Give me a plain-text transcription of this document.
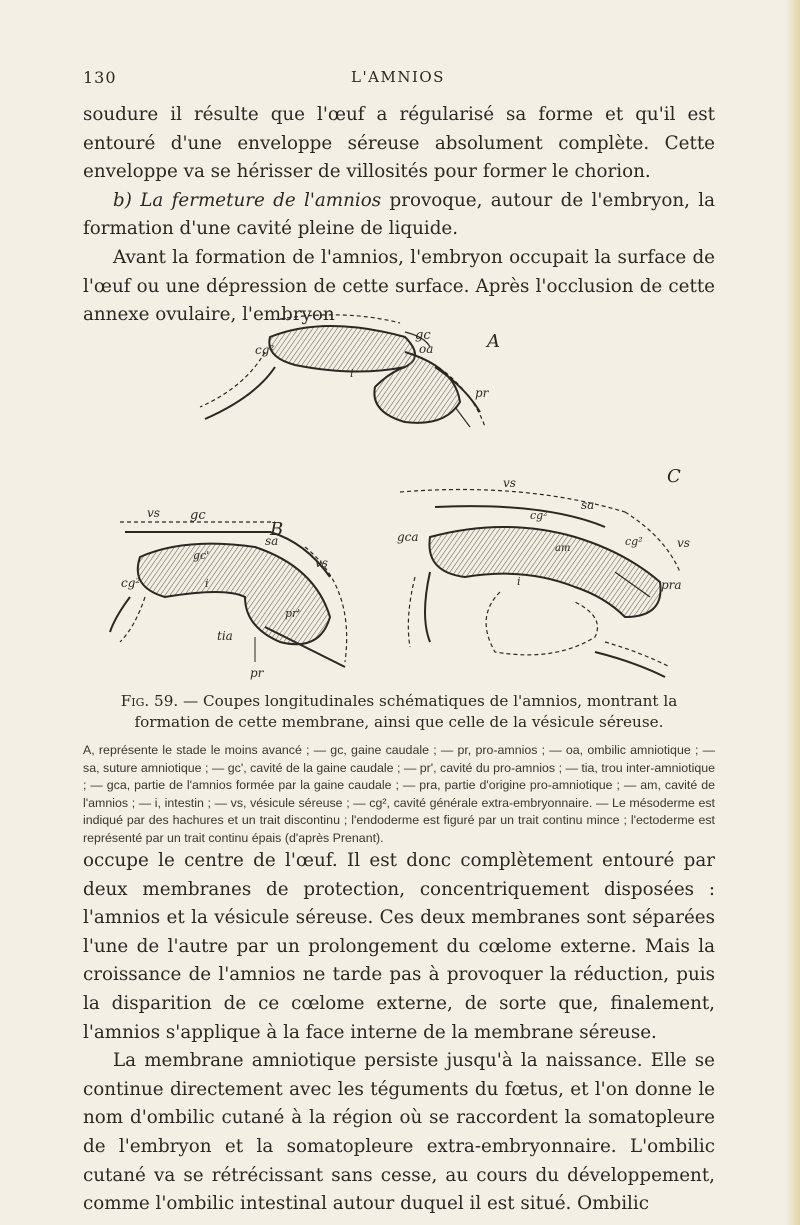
130	L'AMNIOS

soudure il résulte que l'œuf a régularisé sa forme et qu'il est entouré d'une enveloppe séreuse absolument complète. Cette enveloppe va se hérisser de villosités pour former le chorion.

b) La fermeture de l'amnios provoque, autour de l'embryon, la formation d'une cavité pleine de liquide.

Avant la formation de l'amnios, l'embryon occupait la surface de l'œuf ou une dépression de cette surface. Après l'occlusion de cette annexe ovulaire, l'embryon

gc
oa
cg²
i
pr
A
vs gc
sa
gc'
cg²
vs
i
pr'
tia
pr
B
vs
sa
cg²
gca
am
cg²	vs
i	pra
C
Fig. 59. — Coupes longitudinales schématiques de l'amnios, montrant la formation de cette membrane, ainsi que celle de la vésicule séreuse.
A, représente le stade le moins avancé ; — gc, gaine caudale ; — pr, pro-amnios ; — oa, ombilic amniotique ; — sa, suture amniotique ; — gc', cavité de la gaine caudale ; — pr', cavité du pro-amnios ; — tia, trou inter-amniotique ; — gca, partie de l'amnios formée par la gaine caudale ; — pra, partie d'origine pro-amniotique ; — am, cavité de l'amnios ; — i, intestin ; — vs, vésicule séreuse ; — cg², cavité générale extra-embryonnaire. — Le mésoderme est indiqué par des hachures et un trait discontinu ; l'endoderme est figuré par un trait continu mince ; l'ectoderme est représenté par un trait continu épais (d'après Prenant).

occupe le centre de l'œuf. Il est donc complètement entouré par deux membranes de protection, concentriquement disposées : l'amnios et la vésicule séreuse. Ces deux membranes sont séparées l'une de l'autre par un prolongement du cœlome externe. Mais la croissance de l'amnios ne tarde pas à provoquer la réduction, puis la disparition de ce cœlome externe, de sorte que, finalement, l'amnios s'applique à la face interne de la membrane séreuse.

La membrane amniotique persiste jusqu'à la naissance. Elle se continue directement avec les téguments du fœtus, et l'on donne le nom d'ombilic cutané à la région où se raccordent la somatopleure de l'embryon et la somatopleure extra-embryonnaire. L'ombilic cutané va se rétrécissant sans cesse, au cours du développement, comme l'ombilic intestinal autour duquel il est situé. Ombilic
